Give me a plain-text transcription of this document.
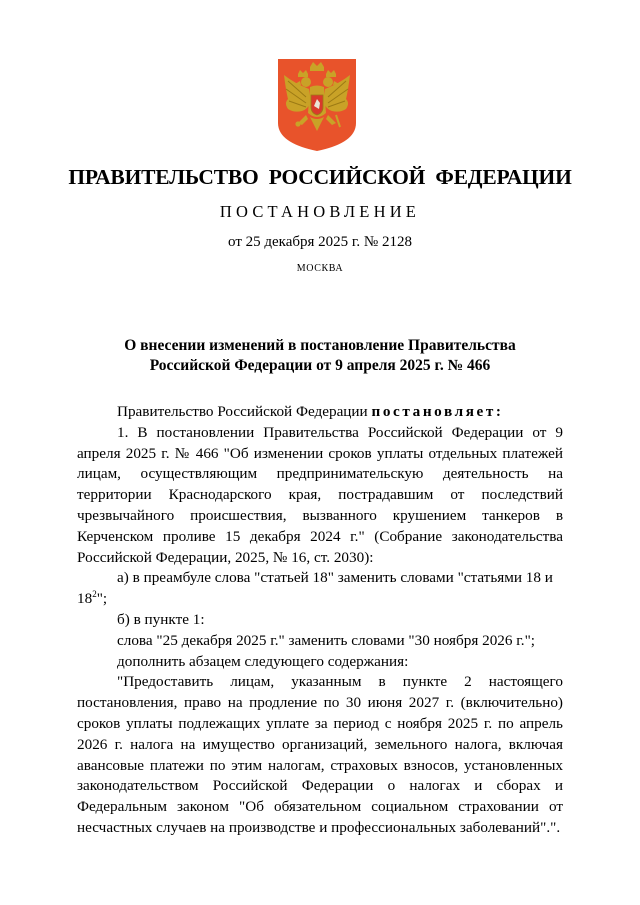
ПРАВИТЕЛЬСТВО РОССИЙСКОЙ ФЕДЕРАЦИИ
ПОСТАНОВЛЕНИЕ
от 25 декабря 2025 г. № 2128
МОСКВА
О внесении изменений в постановление Правительства
Российской Федерации от 9 апреля 2025 г. № 466

Правительство Российской Федерации постановляет:

1. В постановлении Правительства Российской Федерации от 9 апреля 2025 г. № 466 "Об изменении сроков уплаты отдельных платежей лицам, осуществляющим предпринимательскую деятельность на территории Краснодарского края, пострадавшим от последствий чрезвычайного происшествия, вызванного крушением танкеров в Керченском проливе 15 декабря 2024 г." (Собрание законодательства Российской Федерации, 2025, № 16, ст. 2030):

а) в преамбуле слова "статьей 18" заменить словами "статьями 18 и $18^2$";

б) в пункте 1:

слова "25 декабря 2025 г." заменить словами "30 ноября 2026 г.";

дополнить абзацем следующего содержания:

"Предоставить лицам, указанным в пункте 2 настоящего постановления, право на продление по 30 июня 2027 г. (включительно) сроков уплаты подлежащих уплате за период с ноября 2025 г. по апрель 2026 г. налога на имущество организаций, земельного налога, включая авансовые платежи по этим налогам, страховых взносов, установленных законодательством Российской Федерации о налогах и сборах и Федеральным законом "Об обязательном социальном страховании от несчастных случаев на производстве и профессиональных заболеваний".".
